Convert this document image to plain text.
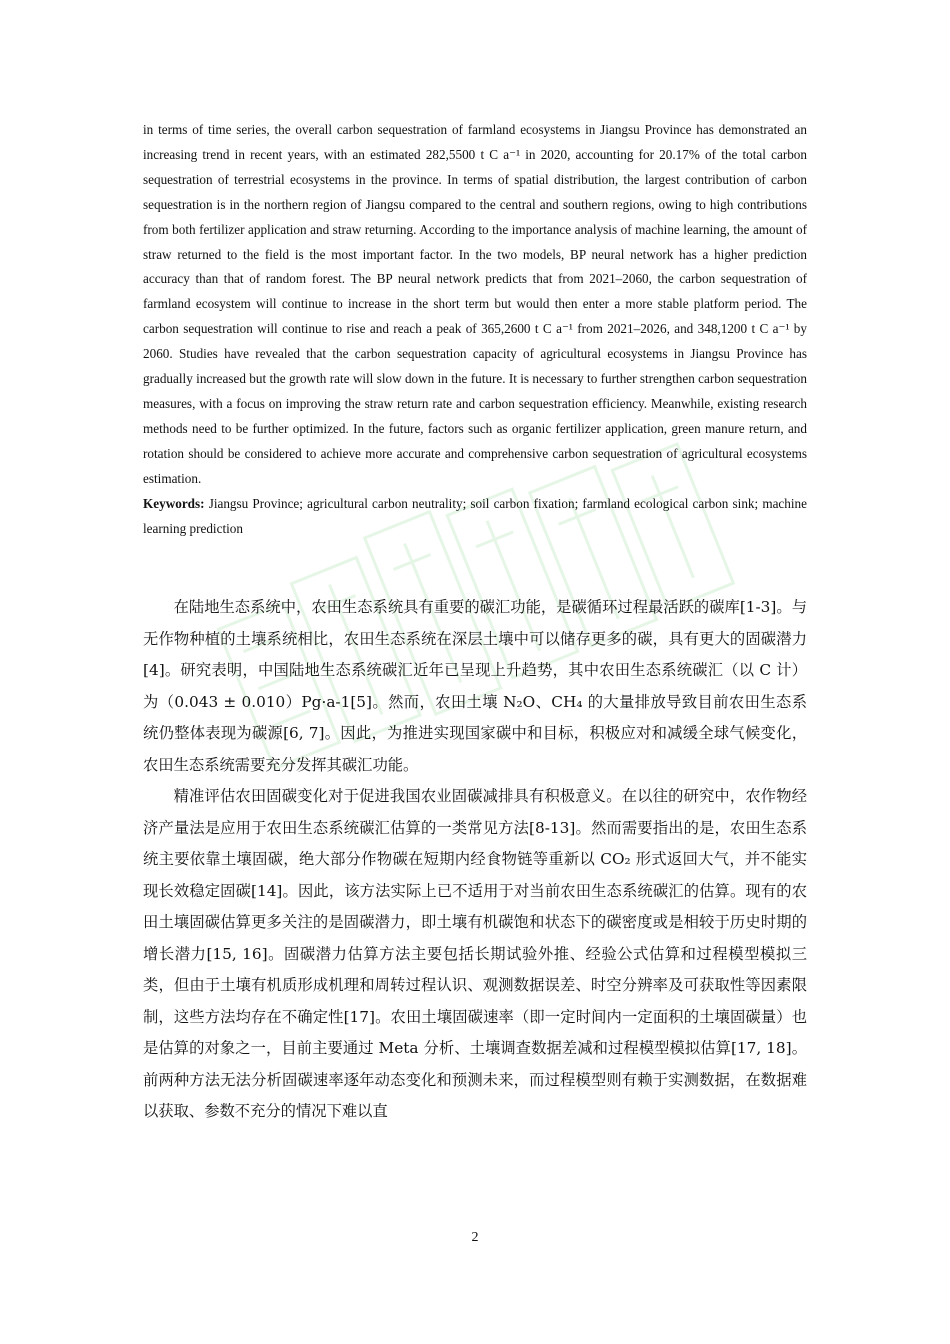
in terms of time series, the overall carbon sequestration of farmland ecosystems in Jiangsu Province has demonstrated an increasing trend in recent years, with an estimated 282,5500 t C a⁻¹ in 2020, accounting for 20.17% of the total carbon sequestration of terrestrial ecosystems in the province. In terms of spatial distribution, the largest contribution of carbon sequestration is in the northern region of Jiangsu compared to the central and southern regions, owing to high contributions from both fertilizer application and straw returning. According to the importance analysis of machine learning, the amount of straw returned to the field is the most important factor. In the two models, BP neural network has a higher prediction accuracy than that of random forest. The BP neural network predicts that from 2021–2060, the carbon sequestration of farmland ecosystem will continue to increase in the short term but would then enter a more stable platform period. The carbon sequestration will continue to rise and reach a peak of 365,2600 t C a⁻¹ from 2021–2026, and 348,1200 t C a⁻¹ by 2060. Studies have revealed that the carbon sequestration capacity of agricultural ecosystems in Jiangsu Province has gradually increased but the growth rate will slow down in the future. It is necessary to further strengthen carbon sequestration measures, with a focus on improving the straw return rate and carbon sequestration efficiency. Meanwhile, existing research methods need to be further optimized. In the future, factors such as organic fertilizer application, green manure return, and rotation should be considered to achieve more accurate and comprehensive carbon sequestration of agricultural ecosystems estimation.

Keywords: Jiangsu Province; agricultural carbon neutrality; soil carbon fixation; farmland ecological carbon sink; machine learning prediction

在陆地生态系统中，农田生态系统具有重要的碳汇功能，是碳循环过程最活跃的碳库[1-3]。与无作物种植的土壤系统相比，农田生态系统在深层土壤中可以储存更多的碳，具有更大的固碳潜力[4]。研究表明，中国陆地生态系统碳汇近年已呈现上升趋势，其中农田生态系统碳汇（以 C 计）为（0.043 ± 0.010）Pg·a-1[5]。然而，农田土壤 N₂O、CH₄ 的大量排放导致目前农田生态系统仍整体表现为碳源[6, 7]。因此，为推进实现国家碳中和目标，积极应对和减缓全球气候变化，农田生态系统需要充分发挥其碳汇功能。

精准评估农田固碳变化对于促进我国农业固碳减排具有积极意义。在以往的研究中，农作物经济产量法是应用于农田生态系统碳汇估算的一类常见方法[8-13]。然而需要指出的是，农田生态系统主要依靠土壤固碳，绝大部分作物碳在短期内经食物链等重新以 CO₂ 形式返回大气，并不能实现长效稳定固碳[14]。因此，该方法实际上已不适用于对当前农田生态系统碳汇的估算。现有的农田土壤固碳估算更多关注的是固碳潜力，即土壤有机碳饱和状态下的碳密度或是相较于历史时期的增长潜力[15, 16]。固碳潜力估算方法主要包括长期试验外推、经验公式估算和过程模型模拟三类，但由于土壤有机质形成机理和周转过程认识、观测数据误差、时空分辨率及可获取性等因素限制，这些方法均存在不确定性[17]。农田土壤固碳速率（即一定时间内一定面积的土壤固碳量）也是估算的对象之一，目前主要通过 Meta 分析、土壤调查数据差减和过程模型模拟估算[17, 18]。前两种方法无法分析固碳速率逐年动态变化和预测未来，而过程模型则有赖于实测数据，在数据难以获取、参数不充分的情况下难以直

2
